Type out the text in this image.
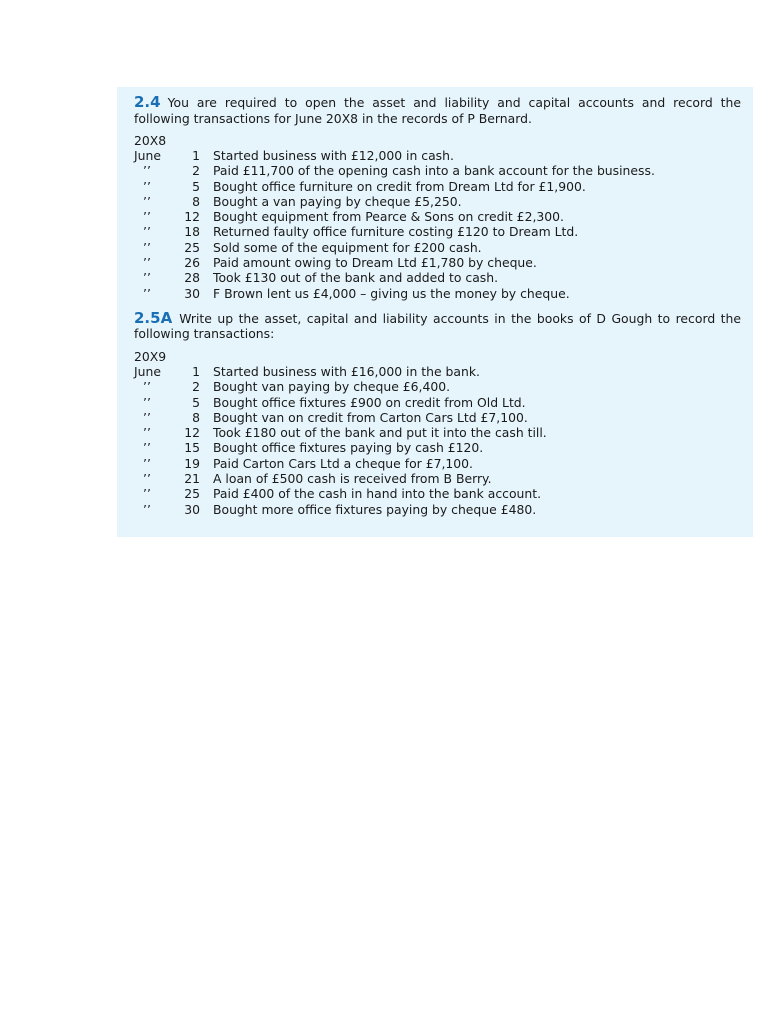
2.4 You are required to open the asset and liability and capital accounts and record the following transactions for June 20X8 in the records of P Bernard.
20X8
June	1	Started business with £12,000 in cash.
’’	2	Paid £11,700 of the opening cash into a bank account for the business.
’’	5	Bought office furniture on credit from Dream Ltd for £1,900.
’’	8	Bought a van paying by cheque £5,250.
’’	12	Bought equipment from Pearce & Sons on credit £2,300.
’’	18	Returned faulty office furniture costing £120 to Dream Ltd.
’’	25	Sold some of the equipment for £200 cash.
’’	26	Paid amount owing to Dream Ltd £1,780 by cheque.
’’	28	Took £130 out of the bank and added to cash.
’’	30	F Brown lent us £4,000 – giving us the money by cheque.
2.5A Write up the asset, capital and liability accounts in the books of D Gough to record the following transactions:
20X9
June	1	Started business with £16,000 in the bank.
’’	2	Bought van paying by cheque £6,400.
’’	5	Bought office fixtures £900 on credit from Old Ltd.
’’	8	Bought van on credit from Carton Cars Ltd £7,100.
’’	12	Took £180 out of the bank and put it into the cash till.
’’	15	Bought office fixtures paying by cash £120.
’’	19	Paid Carton Cars Ltd a cheque for £7,100.
’’	21	A loan of £500 cash is received from B Berry.
’’	25	Paid £400 of the cash in hand into the bank account.
’’	30	Bought more office fixtures paying by cheque £480.
